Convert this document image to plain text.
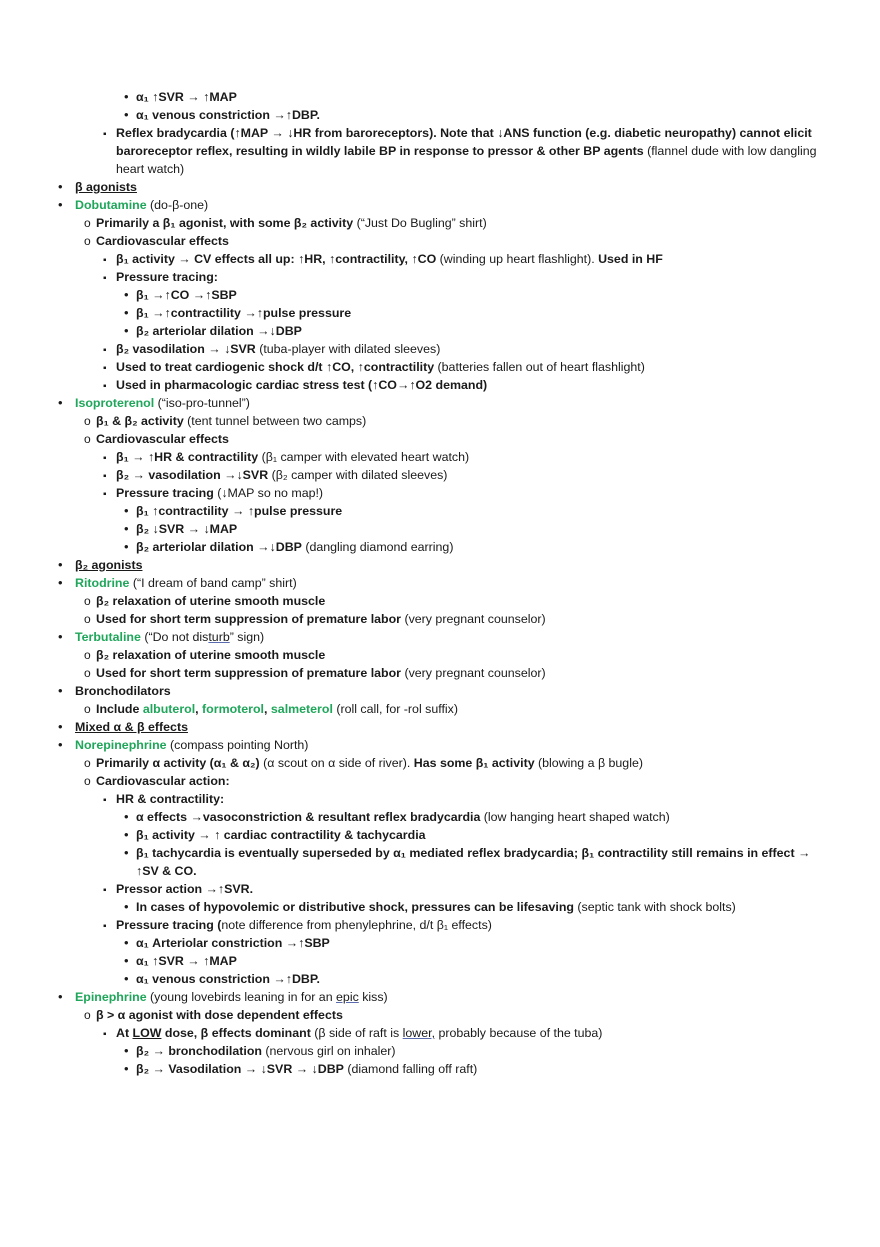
•
α₁ ↑SVR → ↑MAP
•
α₁ venous constriction →↑DBP.
▪
Reflex bradycardia (↑MAP → ↓HR from baroreceptors). Note that ↓ANS function (e.g. diabetic neuropathy) cannot elicit baroreceptor reflex, resulting in wildly labile BP in response to pressor & other BP agents (flannel dude with low dangling heart watch)
•
β agonists
•
Dobutamine (do-β-one)
o
Primarily a β₁ agonist, with some β₂ activity (“Just Do Bugling” shirt)
o
Cardiovascular effects
▪
β₁ activity → CV effects all up: ↑HR, ↑contractility, ↑CO (winding up heart flashlight). Used in HF
▪
Pressure tracing:
•
β₁ →↑CO →↑SBP
•
β₁ →↑contractility →↑pulse pressure
•
β₂ arteriolar dilation →↓DBP
▪
β₂ vasodilation → ↓SVR (tuba-player with dilated sleeves)
▪
Used to treat cardiogenic shock d/t ↑CO, ↑contractility (batteries fallen out of heart flashlight)
▪
Used in pharmacologic cardiac stress test (↑CO→↑O2 demand)
•
Isoproterenol (“iso-pro-tunnel”)
o
β₁ & β₂ activity (tent tunnel between two camps)
o
Cardiovascular effects
▪
β₁ → ↑HR & contractility (β₁ camper with elevated heart watch)
▪
β₂ → vasodilation →↓SVR (β₂ camper with dilated sleeves)
▪
Pressure tracing (↓MAP so no map!)
•
β₁ ↑contractility → ↑pulse pressure
•
β₂ ↓SVR → ↓MAP
•
β₂ arteriolar dilation →↓DBP (dangling diamond earring)
•
β₂ agonists
•
Ritodrine (“I dream of band camp” shirt)
o
β₂ relaxation of uterine smooth muscle
o
Used for short term suppression of premature labor (very pregnant counselor)
•
Terbutaline (“Do not disturb” sign)
o
β₂ relaxation of uterine smooth muscle
o
Used for short term suppression of premature labor (very pregnant counselor)
•
Bronchodilators
o
Include albuterol, formoterol, salmeterol (roll call, for -rol suffix)
•
Mixed α & β effects
•
Norepinephrine (compass pointing North)
o
Primarily α activity (α₁ & α₂) (α scout on α side of river). Has some β₁ activity (blowing a β bugle)
o
Cardiovascular action:
▪
HR & contractility:
•
α effects →vasoconstriction & resultant reflex bradycardia (low hanging heart shaped watch)
•
β₁ activity → ↑ cardiac contractility & tachycardia
•
β₁ tachycardia is eventually superseded by α₁ mediated reflex bradycardia; β₁ contractility still remains in effect → ↑SV & CO.
▪
Pressor action →↑SVR.
•
In cases of hypovolemic or distributive shock, pressures can be lifesaving (septic tank with shock bolts)
▪
Pressure tracing (note difference from phenylephrine, d/t β₁ effects)
•
α₁ Arteriolar constriction →↑SBP
•
α₁ ↑SVR → ↑MAP
•
α₁ venous constriction →↑DBP.
•
Epinephrine (young lovebirds leaning in for an epic kiss)
o
β > α agonist with dose dependent effects
▪
At LOW dose, β effects dominant (β side of raft is lower, probably because of the tuba)
•
β₂ → bronchodilation (nervous girl on inhaler)
•
β₂ → Vasodilation → ↓SVR → ↓DBP (diamond falling off raft)
